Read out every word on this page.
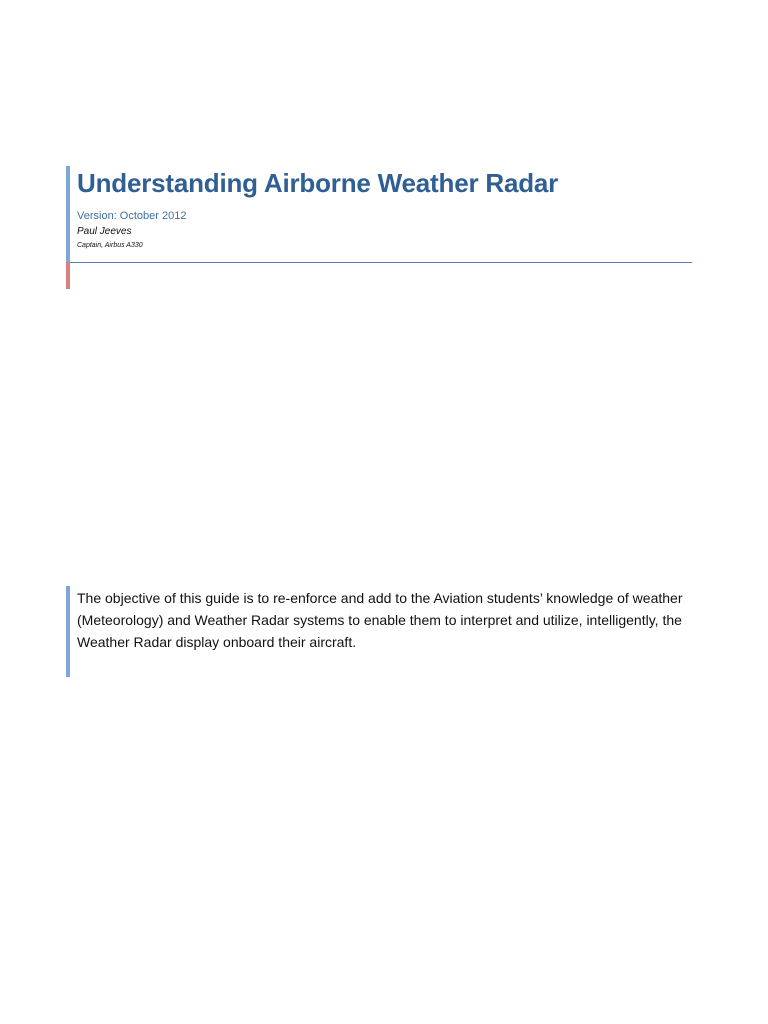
Understanding Airborne Weather Radar
Version: October 2012
Paul Jeeves
Captain, Airbus A330

The objective of this guide is to re-enforce and add to the Aviation students’ knowledge of weather (Meteorology) and Weather Radar systems to enable them to interpret and utilize, intelligently, the Weather Radar display onboard their aircraft.
